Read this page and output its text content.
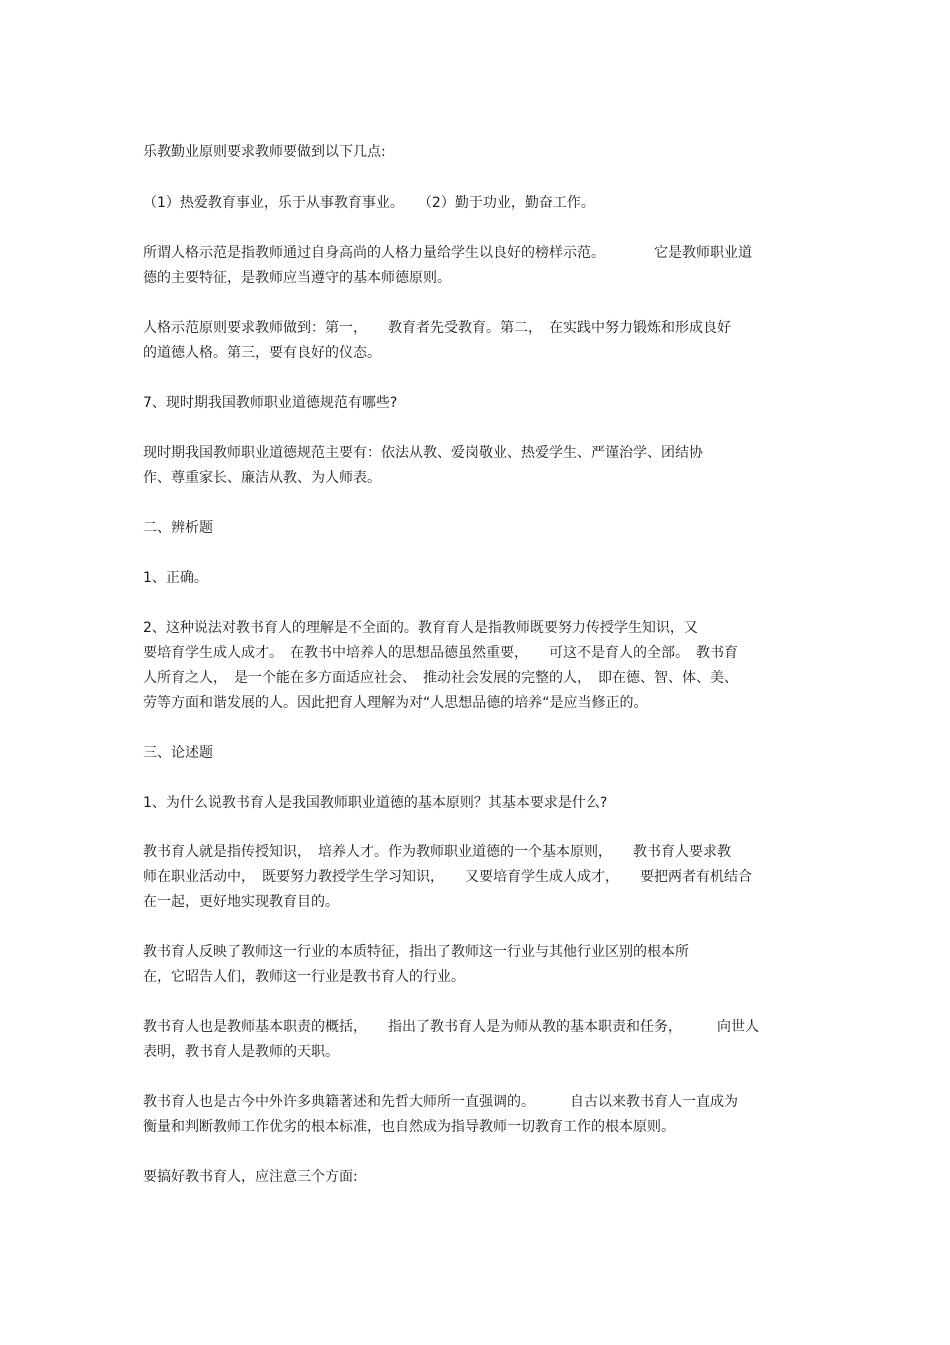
乐教勤业原则要求教师要做到以下几点:
（1）热爱教育事业，乐于从事教育事业。　　（2）勤于功业，勤奋工作。
所谓人格示范是指教师通过自身高尚的人格力量给学生以良好的榜样示范。　　　　它是教师职业道
德的主要特征，是教师应当遵守的基本师德原则。
人格示范原则要求教师做到：第一，　　教育者先受教育。第二，　在实践中努力锻炼和形成良好
的道德人格。第三，要有良好的仪态。
7、现时期我国教师职业道德规范有哪些?
现时期我国教师职业道德规范主要有：依法从教、爱岗敬业、热爱学生、严谨治学、团结协
作、尊重家长、廉洁从教、为人师表。
二、辨析题
1、正确。
2、这种说法对教书育人的理解是不全面的。教育育人是指教师既要努力传授学生知识，又
要培育学生成人成才。　在教书中培养人的思想品德虽然重要，　　可这不是育人的全部。　教书育
人所育之人，　是一个能在多方面适应社会、　推动社会发展的完整的人，　即在德、智、体、美、
劳等方面和谐发展的人。因此把育人理解为对“人思想品德的培养“是应当修正的。
三、论述题
1、为什么说教书育人是我国教师职业道德的基本原则？其基本要求是什么?
教书育人就是指传授知识，　培养人才。作为教师职业道德的一个基本原则，　　教书育人要求教
师在职业活动中，　既要努力教授学生学习知识，　　又要培育学生成人成才，　　要把两者有机结合
在一起，更好地实现教育目的。
教书育人反映了教师这一行业的本质特征，指出了教师这一行业与其他行业区别的根本所
在，它昭告人们，教师这一行业是教书育人的行业。
教书育人也是教师基本职责的概括，　　指出了教书育人是为师从教的基本职责和任务，　　　向世人
表明，教书育人是教师的天职。
教书育人也是古今中外许多典籍著述和先哲大师所一直强调的。　　　自古以来教书育人一直成为
衡量和判断教师工作优劣的根本标准，也自然成为指导教师一切教育工作的根本原则。
要搞好教书育人，应注意三个方面:
